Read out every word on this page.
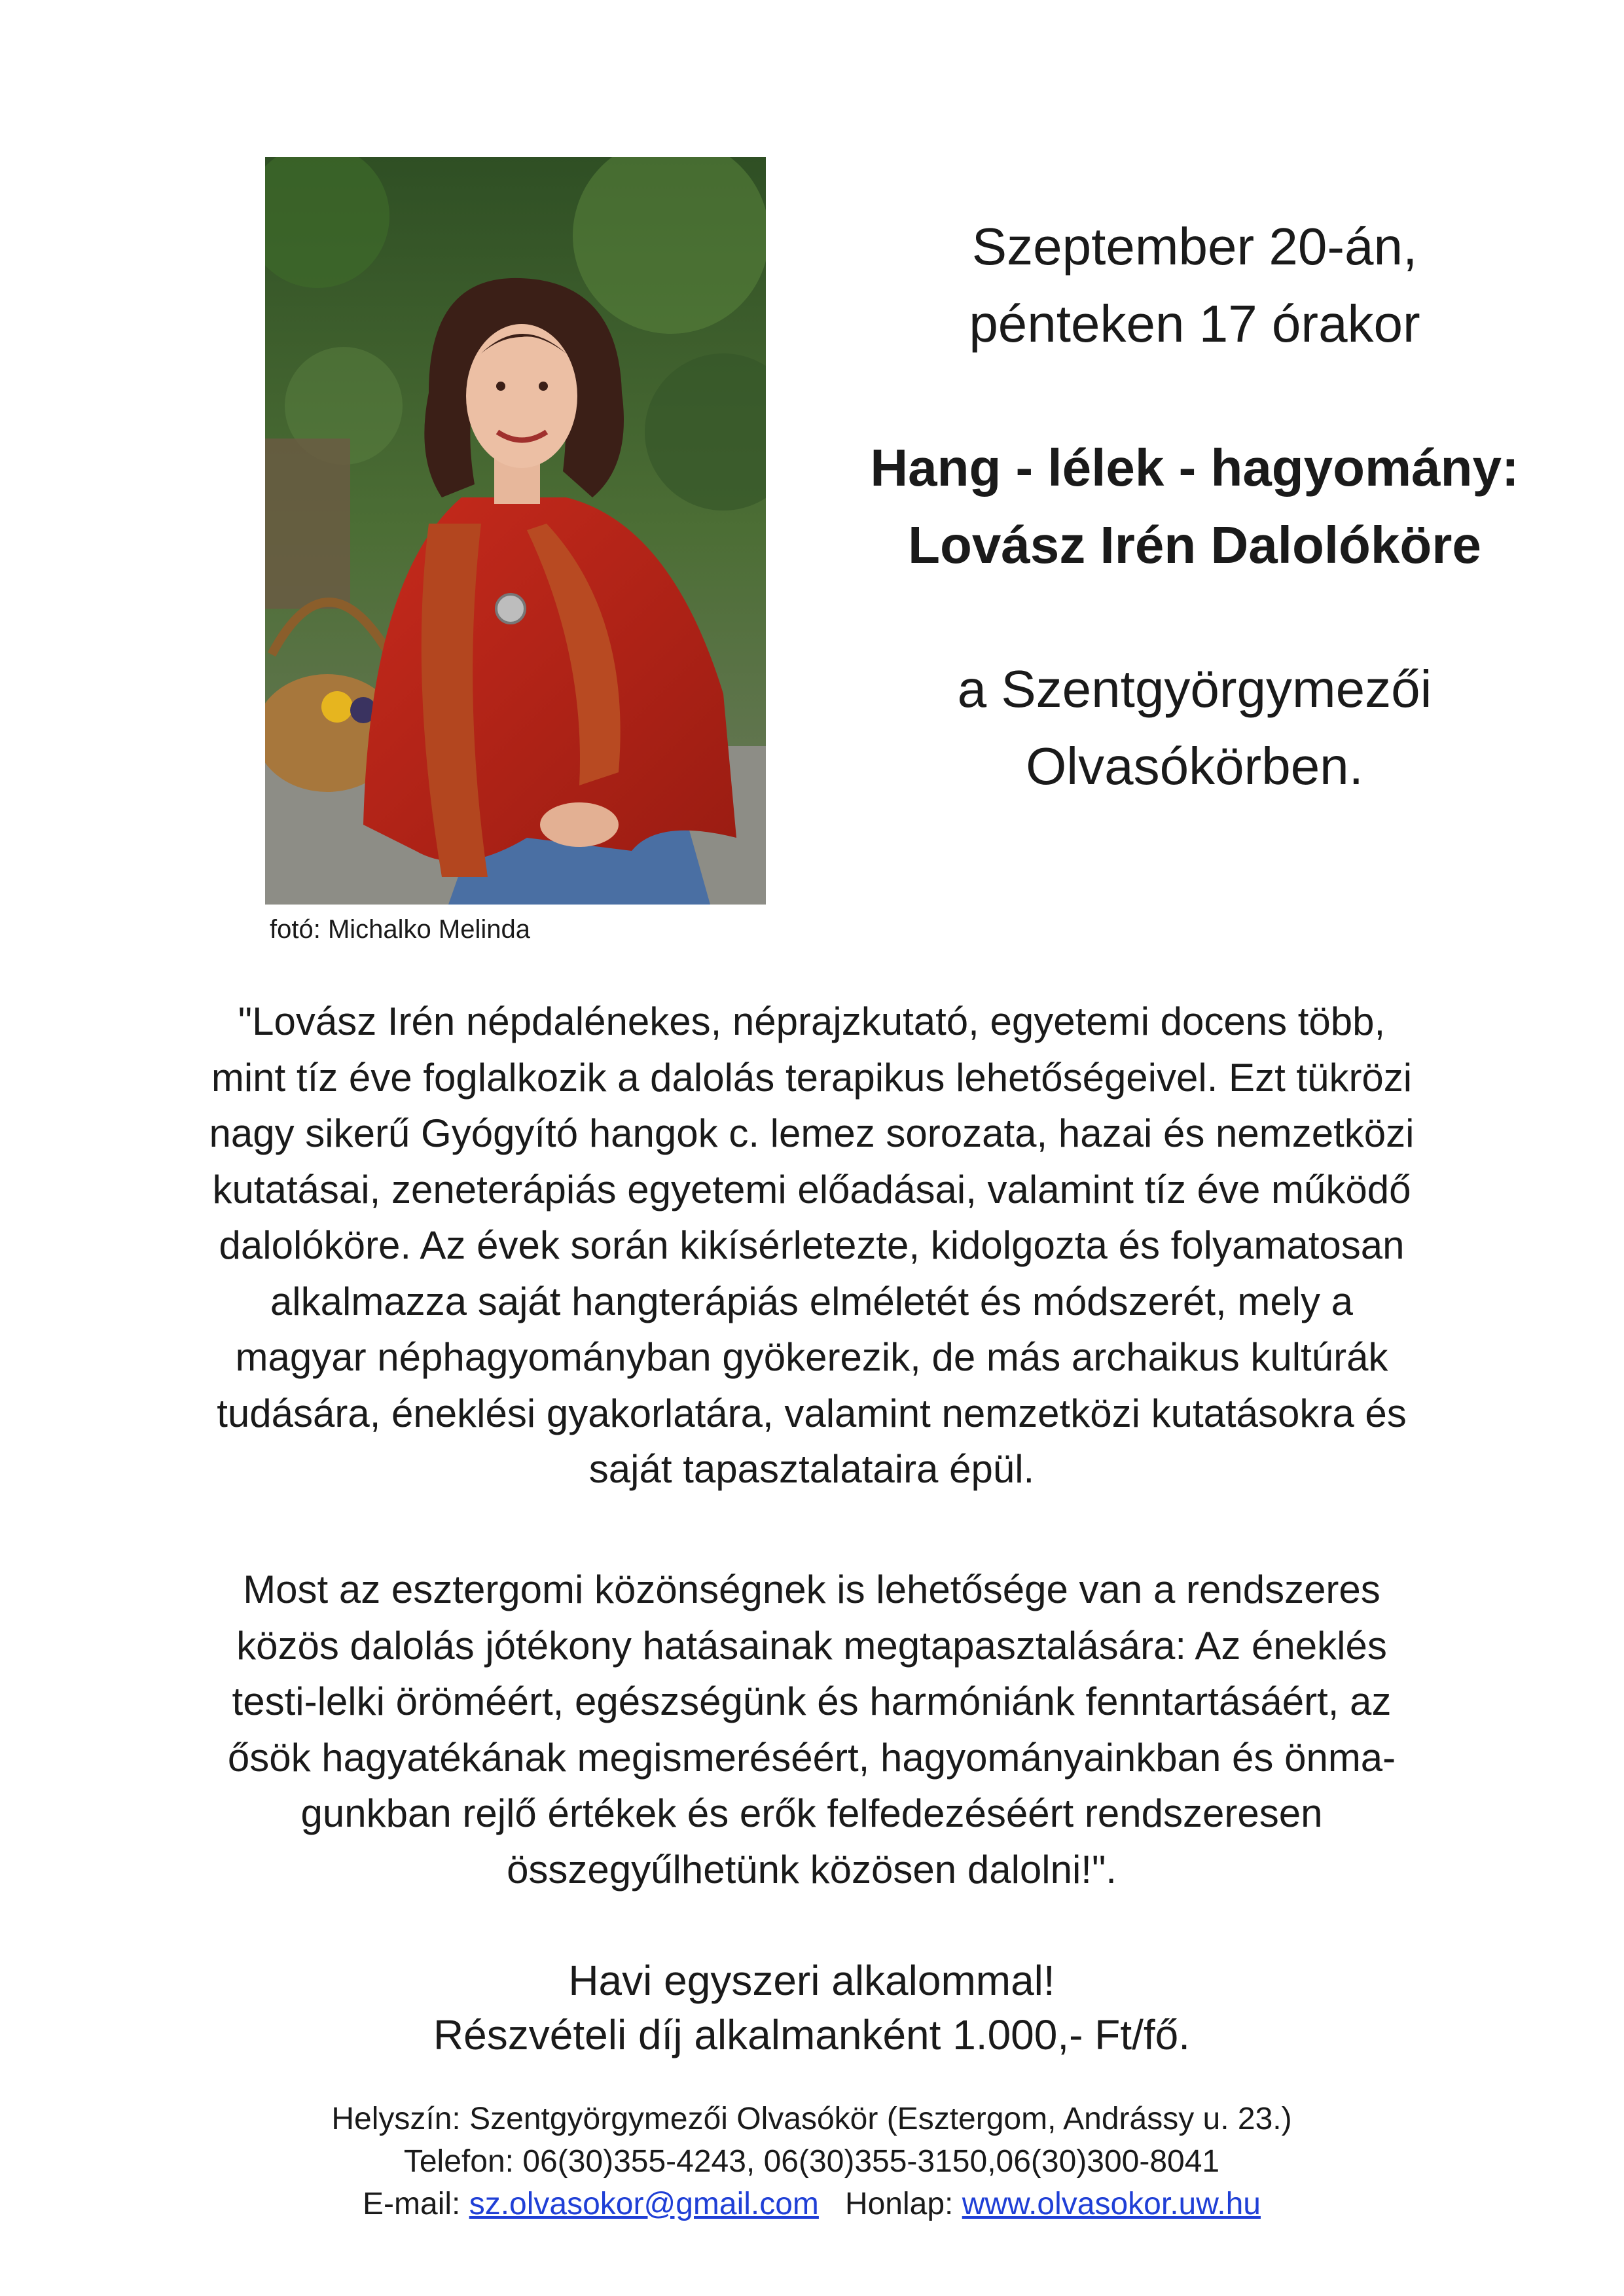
fotó: Michalko Melinda

Szeptember 20-án,
pénteken 17 órakor

Hang - lélek - hagyomány:
Lovász Irén Dalolóköre

a Szentgyörgymezői
Olvasókörben.

"Lovász Irén népdalénekes, néprajzkutató, egyetemi docens több,
mint tíz éve foglalkozik a dalolás terapikus lehetőségeivel. Ezt tükrözi
nagy sikerű Gyógyító hangok c. lemez sorozata, hazai és nemzetközi
kutatásai, zeneterápiás egyetemi előadásai, valamint tíz éve működő
dalolóköre. Az évek során kikísérletezte, kidolgozta és folyamatosan
alkalmazza saját hangterápiás elméletét és módszerét, mely a
magyar néphagyományban gyökerezik, de más archaikus kultúrák
tudására, éneklési gyakorlatára, valamint nemzetközi kutatásokra és
saját tapasztalataira épül.
Most az esztergomi közönségnek is lehetősége van a rendszeres
közös dalolás jótékony hatásainak megtapasztalására: Az éneklés
testi-lelki öröméért, egészségünk és harmóniánk fenntartásáért, az
ősök hagyatékának megismeréséért, hagyományainkban és önma-
gunkban rejlő értékek és erők felfedezéséért rendszeresen
összegyűlhetünk közösen dalolni!".
Havi egyszeri alkalommal!
Részvételi díj alkalmanként 1.000,- Ft/fő.
Helyszín: Szentgyörgymezői Olvasókör (Esztergom, Andrássy u. 23.)
Telefon: 06(30)355-4243, 06(30)355-3150,06(30)300-8041
E-mail: sz.olvasokor@gmail.com Honlap: www.olvasokor.uw.hu
